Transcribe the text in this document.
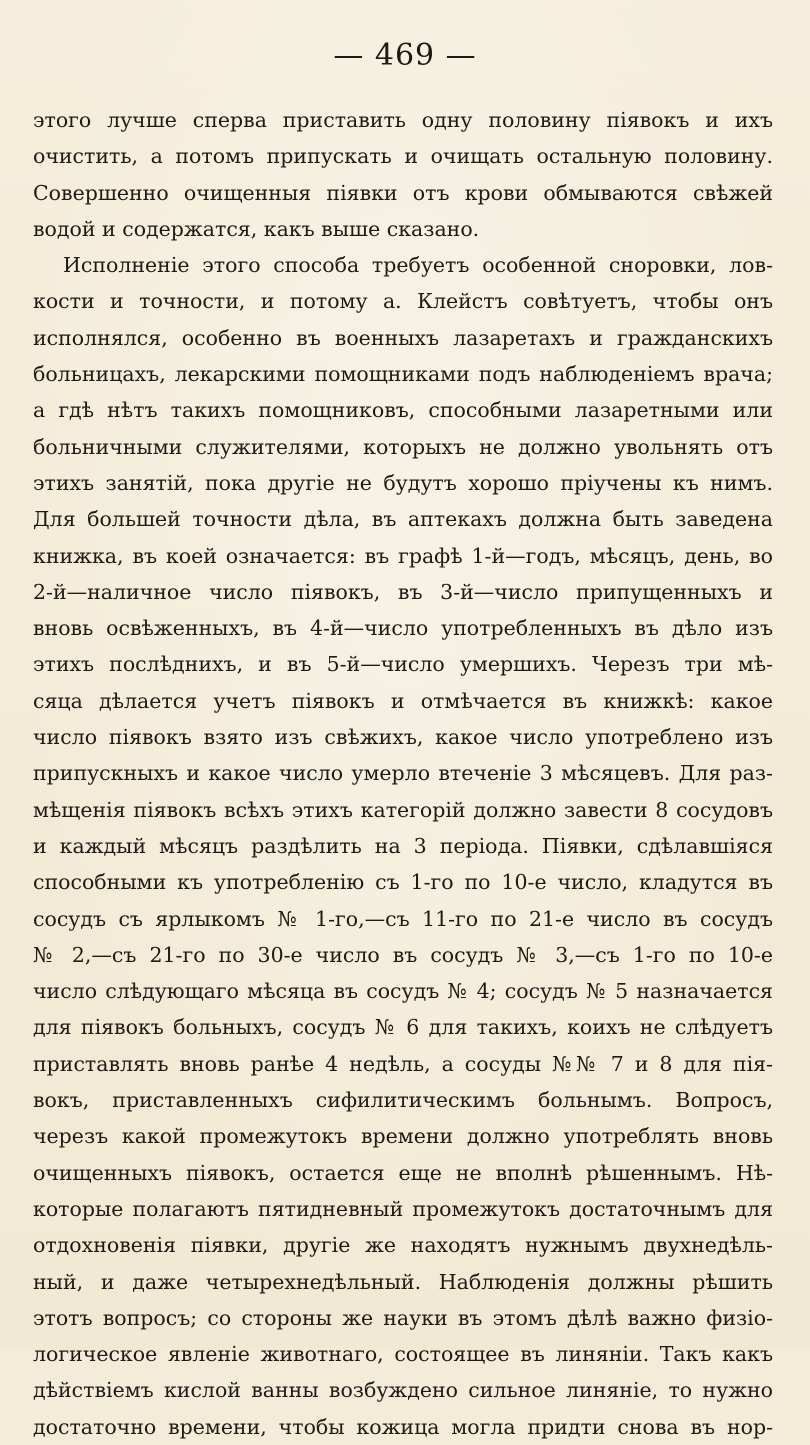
— 469 —
этого лучше сперва приставить одну половину піявокъ и ихъ
очистить, а потомъ припускать и очищать остальную половину.
Совершенно очищенныя піявки отъ крови обмываются свѣжей
водой и содержатся, какъ выше сказано.
Исполненіе этого способа требуетъ особенной сноровки, лов-
кости и точности, и потому а. Клейстъ совѣтуетъ, чтобы онъ
исполнялся, особенно въ военныхъ лазаретахъ и гражданскихъ
больницахъ, лекарскими помощниками подъ наблюденіемъ врача;
а гдѣ нѣтъ такихъ помощниковъ, способными лазаретными или
больничными служителями, которыхъ не должно увольнять отъ
этихъ занятій, пока другіе не будутъ хорошо пріучены къ нимъ.
Для большей точности дѣла, въ аптекахъ должна быть заведена
книжка, въ коей означается: въ графѣ 1-й—годъ, мѣсяцъ, день, во
2-й—наличное число піявокъ, въ 3-й—число припущенныхъ и
вновь освѣженныхъ, въ 4-й—число употребленныхъ въ дѣло изъ
этихъ послѣднихъ, и въ 5-й—число умершихъ. Черезъ три мѣ-
сяца дѣлается учетъ піявокъ и отмѣчается въ книжкѣ: какое
число піявокъ взято изъ свѣжихъ, какое число употреблено изъ
припускныхъ и какое число умерло втеченіе 3 мѣсяцевъ. Для раз-
мѣщенія піявокъ всѣхъ этихъ категорій должно завести 8 сосудовъ
и каждый мѣсяцъ раздѣлить на 3 періода. Піявки, сдѣлавшіяся
способными къ употребленію съ 1-го по 10-е число, кладутся въ
сосудъ съ ярлыкомъ № 1-го,—съ 11-го по 21-е число въ сосудъ
№ 2,—съ 21-го по 30-е число въ сосудъ № 3,—съ 1-го по 10-е
число слѣдующаго мѣсяца въ сосудъ № 4; сосудъ № 5 назначается
для піявокъ больныхъ, сосудъ № 6 для такихъ, коихъ не слѣдуетъ
приставлять вновь ранѣе 4 недѣль, а сосуды №№ 7 и 8 для пія-
вокъ, приставленныхъ сифилитическимъ больнымъ. Вопросъ,
черезъ какой промежутокъ времени должно употреблять вновь
очищенныхъ піявокъ, остается еще не вполнѣ рѣшеннымъ. Нѣ-
которые полагаютъ пятидневный промежутокъ достаточнымъ для
отдохновенія піявки, другіе же находятъ нужнымъ двухнедѣль-
ный, и даже четырехнедѣльный. Наблюденія должны рѣшить
этотъ вопросъ; со стороны же науки въ этомъ дѣлѣ важно физіо-
логическое явленіе животнаго, состоящее въ линяніи. Такъ какъ
дѣйствіемъ кислой ванны возбуждено сильное линяніе, то нужно
достаточно времени, чтобы кожица могла придти снова въ нор-
